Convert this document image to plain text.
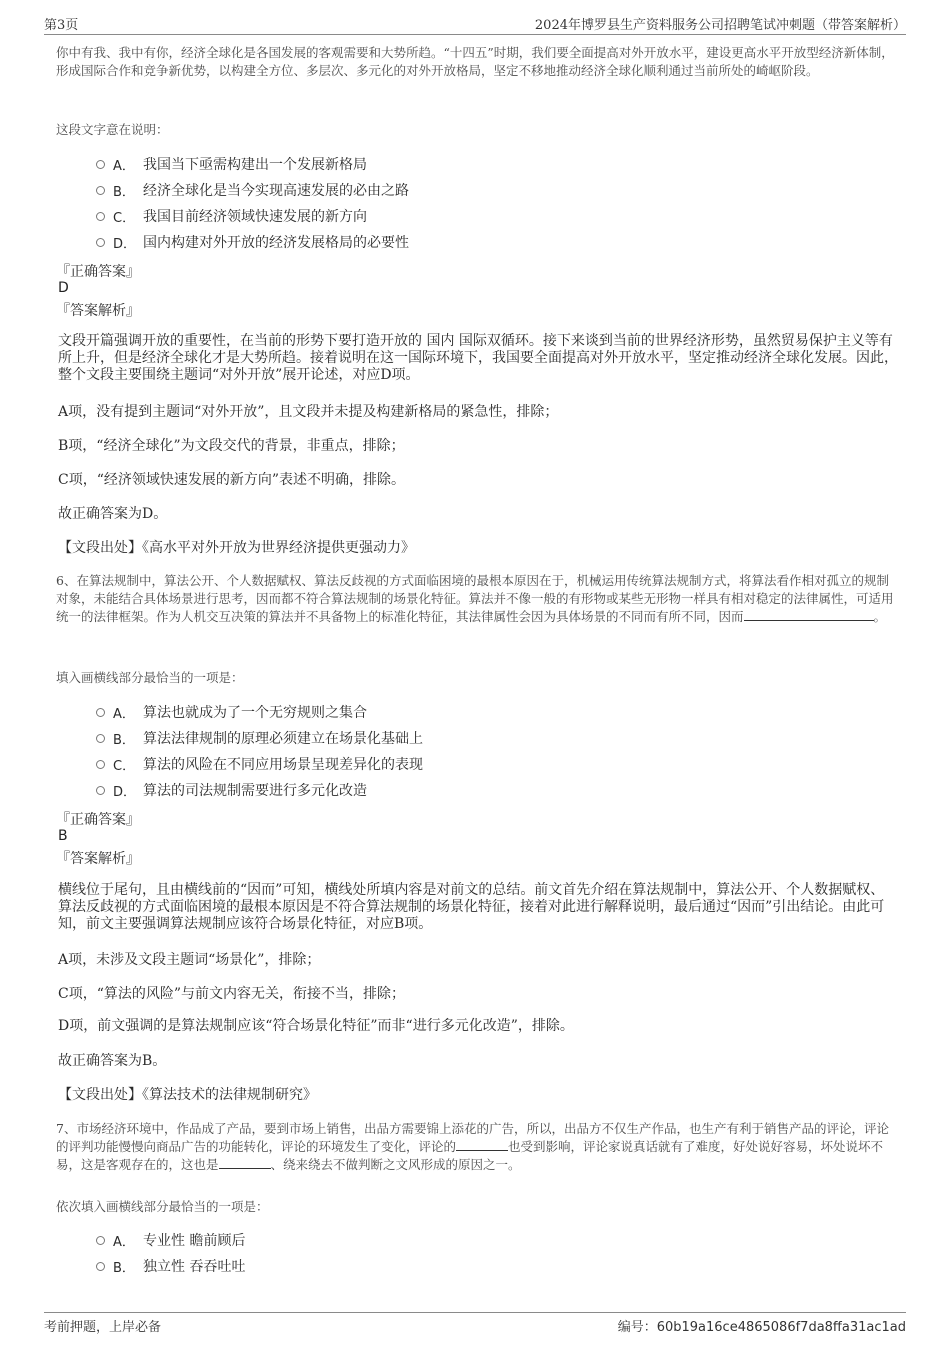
第3页	2024年博罗县生产资料服务公司招聘笔试冲刺题（带答案解析）

你中有我、我中有你，经济全球化是各国发展的客观需要和大势所趋。“十四五”时期，我们要全面提高对外开放水平，建设更高水平开放型经济新体制，形成国际合作和竞争新优势，以构建全方位、多层次、多元化的对外开放格局，坚定不移地推动经济全球化顺利通过当前所处的崎岖阶段。

这段文字意在说明：

A． 我国当下亟需构建出一个发展新格局
B． 经济全球化是当今实现高速发展的必由之路
C． 我国目前经济领域快速发展的新方向
D． 国内构建对外开放的经济发展格局的必要性
『正确答案』
D
『答案解析』

文段开篇强调开放的重要性，在当前的形势下要打造开放的 国内 国际双循环。接下来谈到当前的世界经济形势，虽然贸易保护主义等有所上升，但是经济全球化才是大势所趋。接着说明在这一国际环境下，我国要全面提高对外开放水平，坚定推动经济全球化发展。因此，整个文段主要围绕主题词“对外开放”展开论述，对应D项。

A项，没有提到主题词“对外开放”，且文段并未提及构建新格局的紧急性，排除；

B项，“经济全球化”为文段交代的背景，非重点，排除；

C项，“经济领域快速发展的新方向”表述不明确，排除。

故正确答案为D。

【文段出处】《高水平对外开放为世界经济提供更强动力》

6、在算法规制中，算法公开、个人数据赋权、算法反歧视的方式面临困境的最根本原因在于，机械运用传统算法规制方式，将算法看作相对孤立的规制对象，未能结合具体场景进行思考，因而都不符合算法规制的场景化特征。算法并不像一般的有形物或某些无形物一样具有相对稳定的法律属性，可适用统一的法律框架。作为人机交互决策的算法并不具备物上的标准化特征，其法律属性会因为具体场景的不同而有所不同，因而	。

填入画横线部分最恰当的一项是：

A． 算法也就成为了一个无穷规则之集合
B． 算法法律规制的原理必须建立在场景化基础上
C． 算法的风险在不同应用场景呈现差异化的表现
D． 算法的司法规制需要进行多元化改造
『正确答案』
B
『答案解析』

横线位于尾句，且由横线前的“因而”可知，横线处所填内容是对前文的总结。前文首先介绍在算法规制中，算法公开、个人数据赋权、算法反歧视的方式面临困境的最根本原因是不符合算法规制的场景化特征，接着对此进行解释说明，最后通过“因而”引出结论。由此可知，前文主要强调算法规制应该符合场景化特征，对应B项。

A项，未涉及文段主题词“场景化”，排除；

C项，“算法的风险”与前文内容无关，衔接不当，排除；

D项，前文强调的是算法规制应该“符合场景化特征”而非“进行多元化改造”，排除。

故正确答案为B。

【文段出处】《算法技术的法律规制研究》

7、市场经济环境中，作品成了产品，要到市场上销售，出品方需要锦上添花的广告，所以，出品方不仅生产作品，也生产有利于销售产品的评论，评论的评判功能慢慢向商品广告的功能转化，评论的环境发生了变化，评论的	也受到影响，评论家说真话就有了难度，好处说好容易，坏处说坏不易，这是客观存在的，这也是	、绕来绕去不做判断之文风形成的原因之一。

依次填入画横线部分最恰当的一项是：

A． 专业性 瞻前顾后
B． 独立性 吞吞吐吐
考前押题，上岸必备	编号：60b19a16ce4865086f7da8ffa31ac1ad
